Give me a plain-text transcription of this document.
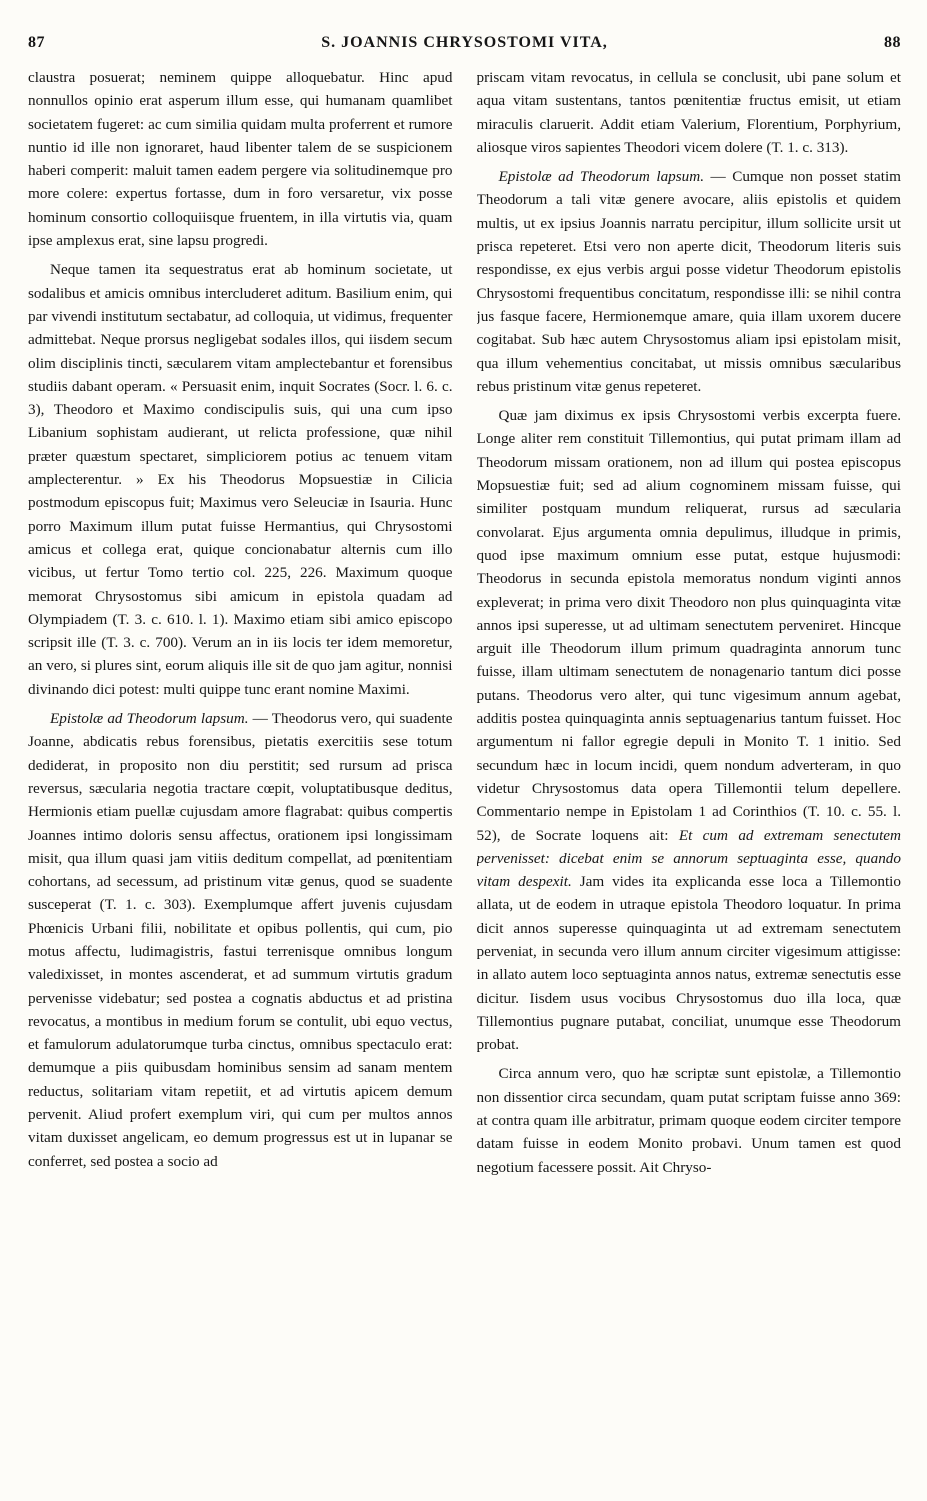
87	S. JOANNIS CHRYSOSTOMI VITA,	88

claustra posuerat; neminem quippe alloquebatur. Hinc apud nonnullos opinio erat asperum illum esse, qui humanam quamlibet societatem fugeret: ac cum similia quidam multa proferrent et rumore nuntio id ille non ignoraret, haud libenter talem de se suspicionem haberi comperit: maluit tamen eadem pergere via solitudinemque pro more colere: expertus fortasse, dum in foro versaretur, vix posse hominum consortio colloquiisque fruentem, in illa virtutis via, quam ipse amplexus erat, sine lapsu progredi.

Neque tamen ita sequestratus erat ab hominum societate, ut sodalibus et amicis omnibus intercluderet aditum. Basilium enim, qui par vivendi institutum sectabatur, ad colloquia, ut vidimus, frequenter admittebat. Neque prorsus negligebat sodales illos, qui iisdem secum olim disciplinis tincti, sæcularem vitam amplectebantur et forensibus studiis dabant operam. « Persuasit enim, inquit Socrates (Socr. l. 6. c. 3), Theodoro et Maximo condiscipulis suis, qui una cum ipso Libanium sophistam audierant, ut relicta professione, quæ nihil præter quæstum spectaret, simpliciorem potius ac tenuem vitam amplecterentur. » Ex his Theodorus Mopsuestiæ in Cilicia postmodum episcopus fuit; Maximus vero Seleuciæ in Isauria. Hunc porro Maximum illum putat fuisse Hermantius, qui Chrysostomi amicus et collega erat, quique concionabatur alternis cum illo vicibus, ut fertur Tomo tertio col. 225, 226. Maximum quoque memorat Chrysostomus sibi amicum in epistola quadam ad Olympiadem (T. 3. c. 610. l. 1). Maximo etiam sibi amico episcopo scripsit ille (T. 3. c. 700). Verum an in iis locis ter idem memoretur, an vero, si plures sint, eorum aliquis ille sit de quo jam agitur, nonnisi divinando dici potest: multi quippe tunc erant nomine Maximi.

Epistolæ ad Theodorum lapsum. — Theodorus vero, qui suadente Joanne, abdicatis rebus forensibus, pietatis exercitiis sese totum dediderat, in proposito non diu perstitit; sed rursum ad prisca reversus, sæcularia negotia tractare cœpit, voluptatibusque deditus, Hermionis etiam puellæ cujusdam amore flagrabat: quibus compertis Joannes intimo doloris sensu affectus, orationem ipsi longissimam misit, qua illum quasi jam vitiis deditum compellat, ad pœnitentiam cohortans, ad secessum, ad pristinum vitæ genus, quod se suadente susceperat (T. 1. c. 303). Exemplumque affert juvenis cujusdam Phœnicis Urbani filii, nobilitate et opibus pollentis, qui cum, pio motus affectu, ludimagistris, fastui terrenisque omnibus longum valedixisset, in montes ascenderat, et ad summum virtutis gradum pervenisse videbatur; sed postea a cognatis abductus et ad pristina revocatus, a montibus in medium forum se contulit, ubi equo vectus, et famulorum adulatorumque turba cinctus, omnibus spectaculo erat: demumque a piis quibusdam hominibus sensim ad sanam mentem reductus, solitariam vitam repetiit, et ad virtutis apicem demum pervenit. Aliud profert exemplum viri, qui cum per multos annos vitam duxisset angelicam, eo demum progressus est ut in lupanar se conferret, sed postea a socio ad

priscam vitam revocatus, in cellula se conclusit, ubi pane solum et aqua vitam sustentans, tantos pœnitentiæ fructus emisit, ut etiam miraculis claruerit. Addit etiam Valerium, Florentium, Porphyrium, aliosque viros sapientes Theodori vicem dolere (T. 1. c. 313).

Epistolæ ad Theodorum lapsum. — Cumque non posset statim Theodorum a tali vitæ genere avocare, aliis epistolis et quidem multis, ut ex ipsius Joannis narratu percipitur, illum sollicite ursit ut prisca repeteret. Etsi vero non aperte dicit, Theodorum literis suis respondisse, ex ejus verbis argui posse videtur Theodorum epistolis Chrysostomi frequentibus concitatum, respondisse illi: se nihil contra jus fasque facere, Hermionemque amare, quia illam uxorem ducere cogitabat. Sub hæc autem Chrysostomus aliam ipsi epistolam misit, qua illum vehementius concitabat, ut missis omnibus sæcularibus rebus pristinum vitæ genus repeteret.

Quæ jam diximus ex ipsis Chrysostomi verbis excerpta fuere. Longe aliter rem constituit Tillemontius, qui putat primam illam ad Theodorum missam orationem, non ad illum qui postea episcopus Mopsuestiæ fuit; sed ad alium cognominem missam fuisse, qui similiter postquam mundum reliquerat, rursus ad sæcularia convolarat. Ejus argumenta omnia depulimus, illudque in primis, quod ipse maximum omnium esse putat, estque hujusmodi: Theodorus in secunda epistola memoratus nondum viginti annos expleverat; in prima vero dixit Theodoro non plus quinquaginta vitæ annos ipsi superesse, ut ad ultimam senectutem perveniret. Hincque arguit ille Theodorum illum primum quadraginta annorum tunc fuisse, illam ultimam senectutem de nonagenario tantum dici posse putans. Theodorus vero alter, qui tunc vigesimum annum agebat, additis postea quinquaginta annis septuagenarius tantum fuisset. Hoc argumentum ni fallor egregie depuli in Monito T. 1 initio. Sed secundum hæc in locum incidi, quem nondum adverteram, in quo videtur Chrysostomus data opera Tillemontii telum depellere. Commentario nempe in Epistolam 1 ad Corinthios (T. 10. c. 55. l. 52), de Socrate loquens ait: Et cum ad extremam senectutem pervenisset: dicebat enim se annorum septuaginta esse, quando vitam despexit. Jam vides ita explicanda esse loca a Tillemontio allata, ut de eodem in utraque epistola Theodoro loquatur. In prima dicit annos superesse quinquaginta ut ad extremam senectutem perveniat, in secunda vero illum annum circiter vigesimum attigisse: in allato autem loco septuaginta annos natus, extremæ senectutis esse dicitur. Iisdem usus vocibus Chrysostomus duo illa loca, quæ Tillemontius pugnare putabat, conciliat, unumque esse Theodorum probat.

Circa annum vero, quo hæ scriptæ sunt epistolæ, a Tillemontio non dissentior circa secundam, quam putat scriptam fuisse anno 369: at contra quam ille arbitratur, primam quoque eodem circiter tempore datam fuisse in eodem Monito probavi. Unum tamen est quod negotium facessere possit. Ait Chryso-
